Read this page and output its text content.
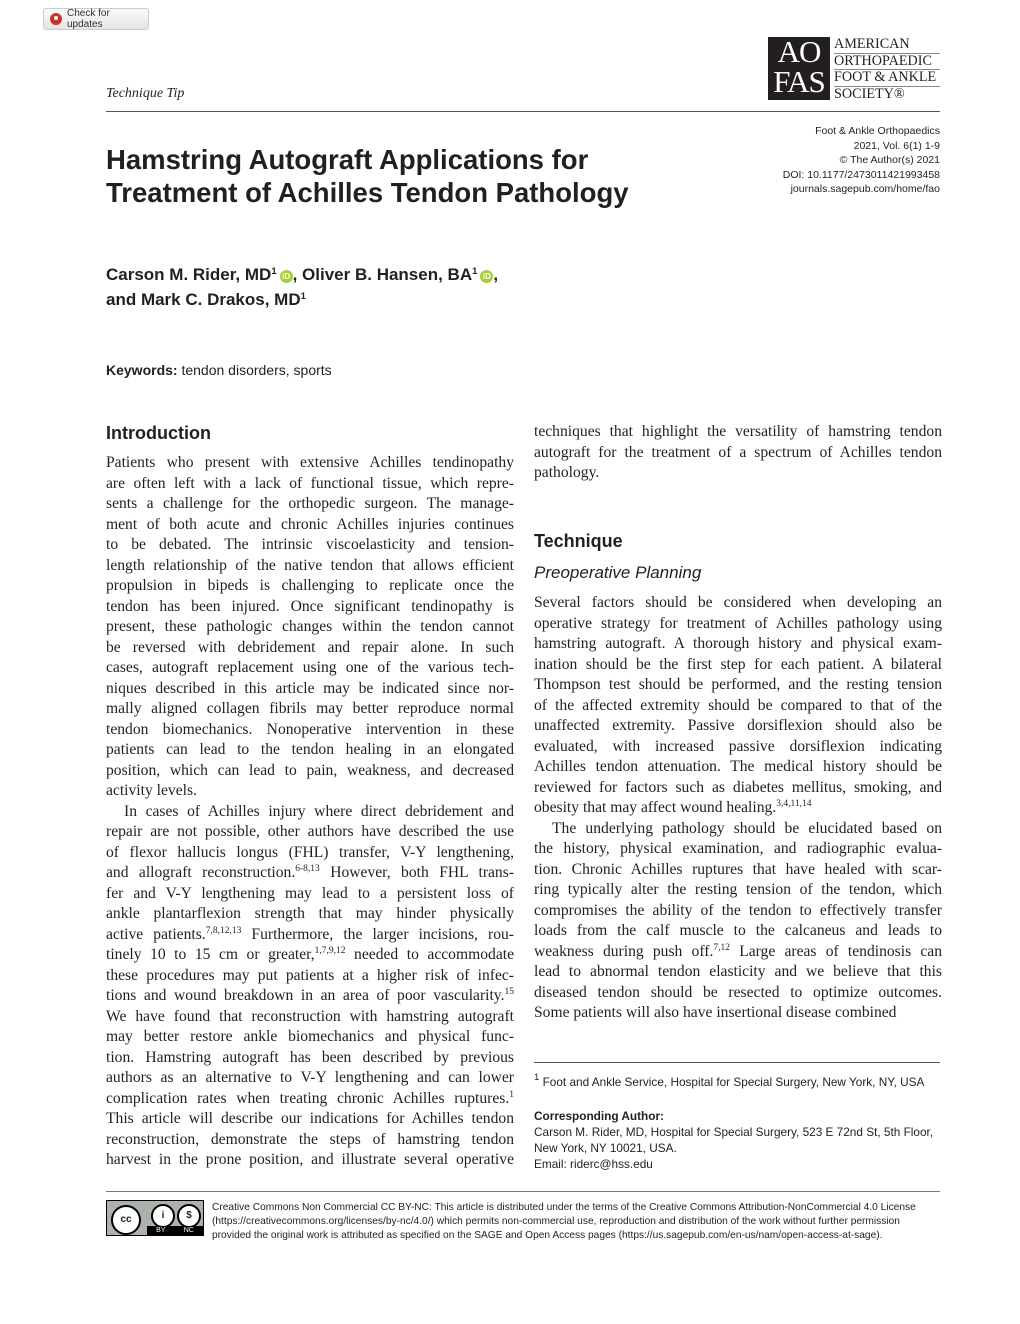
Check for updates
Technique Tip
AO
FAS
AMERICAN
ORTHOPAEDIC
FOOT & ANKLE
SOCIETY®
Foot & Ankle Orthopaedics
2021, Vol. 6(1) 1-9
© The Author(s) 2021
DOI: 10.1177/2473011421993458
journals.sagepub.com/home/fao
Hamstring Autograft Applications for
Treatment of Achilles Tendon Pathology
Carson M. Rider, $MD^1$ iD , Oliver B. Hansen, $BA^1$ iD ,
and Mark C. Drakos, $MD^1$
Keywords: tendon disorders, sports
Introduction
Patients who present with extensive Achilles tendinopathy
are often left with a lack of functional tissue, which repre-
sents a challenge for the orthopedic surgeon. The manage-
ment of both acute and chronic Achilles injuries continues
to be debated. The intrinsic viscoelasticity and tension-
length relationship of the native tendon that allows efficient
propulsion in bipeds is challenging to replicate once the
tendon has been injured. Once significant tendinopathy is
present, these pathologic changes within the tendon cannot
be reversed with debridement and repair alone. In such
cases, autograft replacement using one of the various tech-
niques described in this article may be indicated since nor-
mally aligned collagen fibrils may better reproduce normal
tendon biomechanics. Nonoperative intervention in these
patients can lead to the tendon healing in an elongated
position, which can lead to pain, weakness, and decreased
activity levels.
In cases of Achilles injury where direct debridement and
repair are not possible, other authors have described the use
of flexor hallucis longus (FHL) transfer, V-Y lengthening,
and allograft reconstruction.$^{6-8,13}$ However, both FHL trans-
fer and V-Y lengthening may lead to a persistent loss of
ankle plantarflexion strength that may hinder physically
active patients.$^{7,8,12,13}$ Furthermore, the larger incisions, rou-
tinely 10 to 15 cm or greater,$^{1,7,9,12}$ needed to accommodate
these procedures may put patients at a higher risk of infec-
tions and wound breakdown in an area of poor vascularity.$^{15}$
We have found that reconstruction with hamstring autograft
may better restore ankle biomechanics and physical func-
tion. Hamstring autograft has been described by previous
authors as an alternative to V-Y lengthening and can lower
complication rates when treating chronic Achilles ruptures.$^1$
This article will describe our indications for Achilles tendon
reconstruction, demonstrate the steps of hamstring tendon
harvest in the prone position, and illustrate several operative
techniques that highlight the versatility of hamstring tendon
autograft for the treatment of a spectrum of Achilles tendon
pathology.
Technique
Preoperative Planning
Several factors should be considered when developing an
operative strategy for treatment of Achilles pathology using
hamstring autograft. A thorough history and physical exam-
ination should be the first step for each patient. A bilateral
Thompson test should be performed, and the resting tension
of the affected extremity should be compared to that of the
unaffected extremity. Passive dorsiflexion should also be
evaluated, with increased passive dorsiflexion indicating
Achilles tendon attenuation. The medical history should be
reviewed for factors such as diabetes mellitus, smoking, and
obesity that may affect wound healing.$^{3,4,11,14}$
The underlying pathology should be elucidated based on
the history, physical examination, and radiographic evalua-
tion. Chronic Achilles ruptures that have healed with scar-
ring typically alter the resting tension of the tendon, which
compromises the ability of the tendon to effectively transfer
loads from the calf muscle to the calcaneus and leads to
weakness during push off.$^{7,12}$ Large areas of tendinosis can
lead to abnormal tendon elasticity and we believe that this
diseased tendon should be resected to optimize outcomes.
Some patients will also have insertional disease combined
$^1$ Foot and Ankle Service, Hospital for Special Surgery, New York, NY, USA
Corresponding Author:
Carson M. Rider, MD, Hospital for Special Surgery, 523 E 72nd St, 5th Floor,
New York, NY 10021, USA.
Email: riderc@hss.edu
cc	i	$
BY	NC
Creative Commons Non Commercial CC BY-NC: This article is distributed under the terms of the Creative Commons Attribution-NonCommercial 4.0 License (https://creativecommons.org/licenses/by-nc/4.0/) which permits non-commercial use, reproduction and distribution of the work without further permission provided the original work is attributed as specified on the SAGE and Open Access pages (https://us.sagepub.com/en-us/nam/open-access-at-sage).
